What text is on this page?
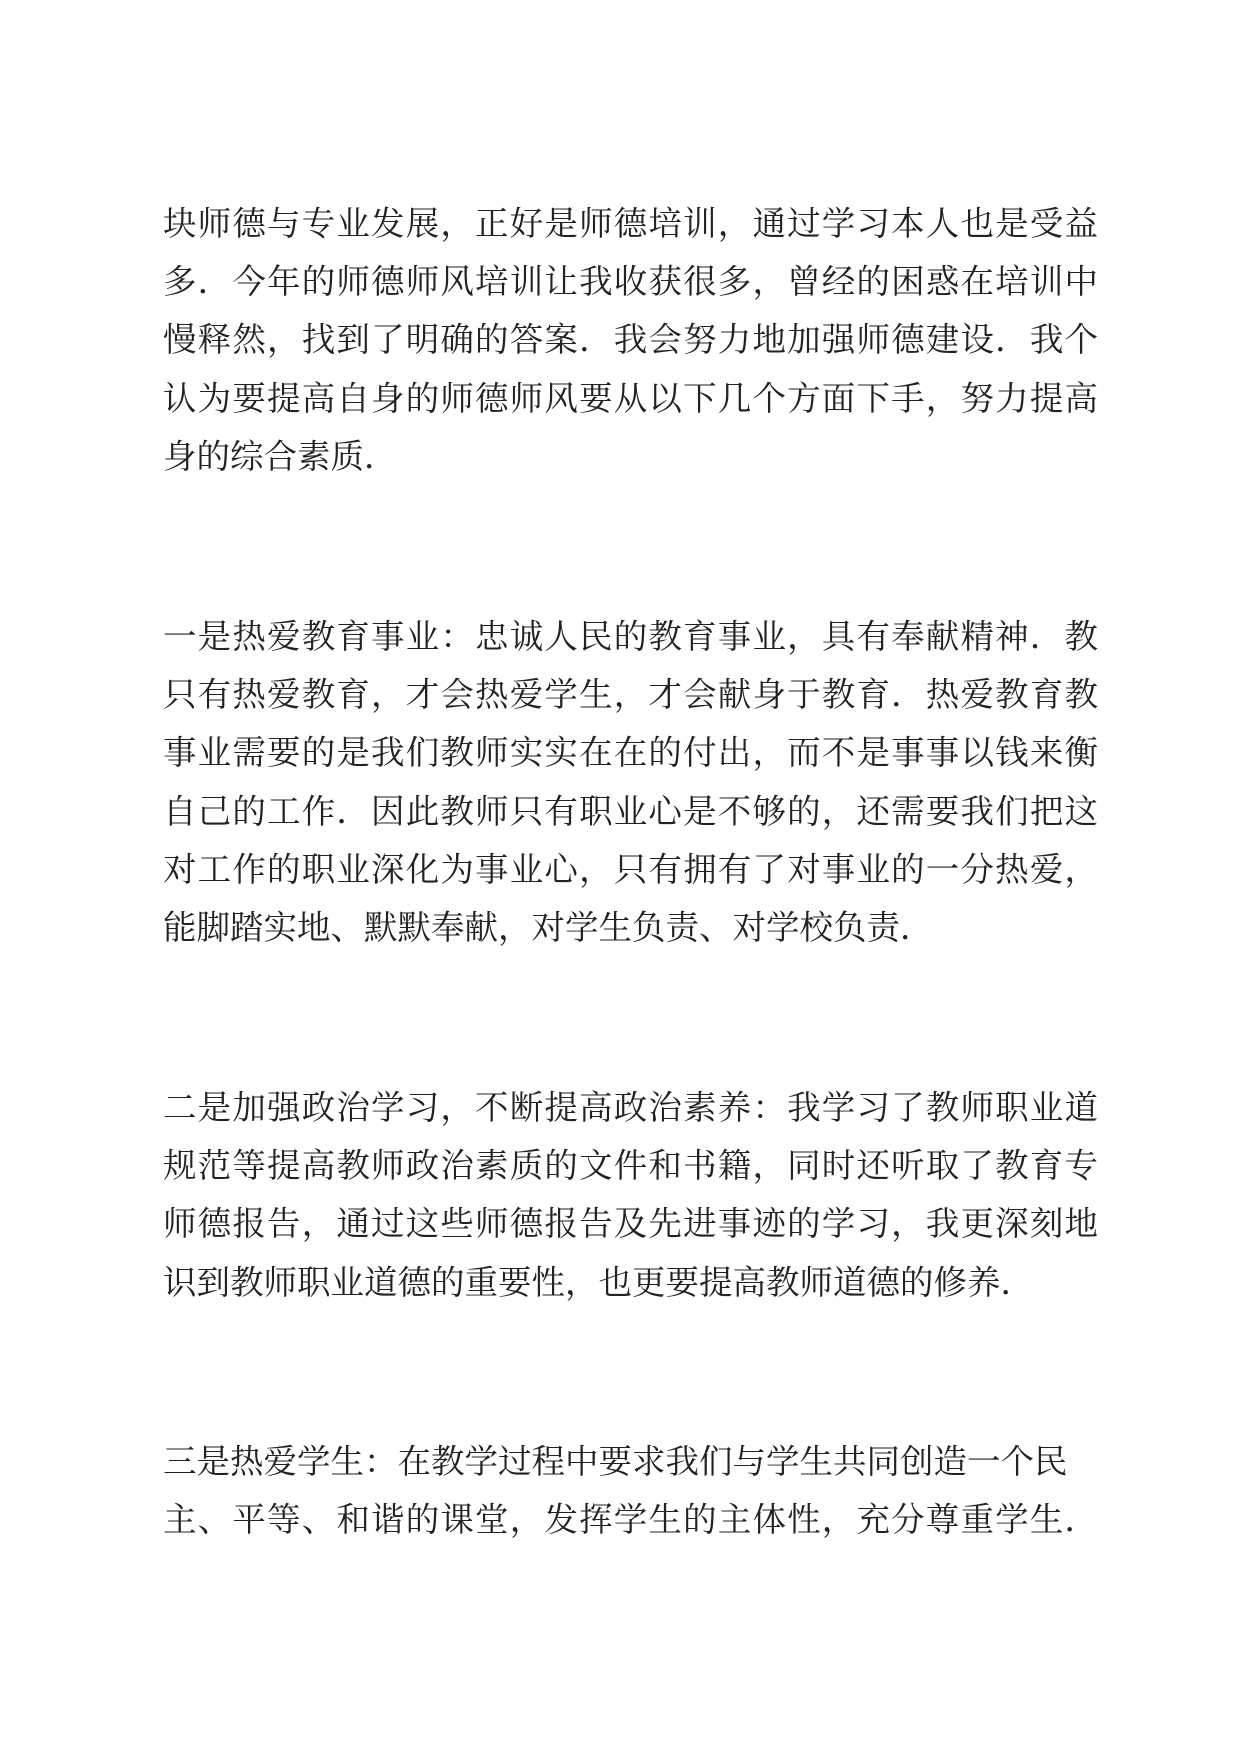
块师德与专业发展，正好是师德培训，通过学习本人也是受益
多．今年的师德师风培训让我收获很多，曾经的困惑在培训中
慢释然，找到了明确的答案．我会努力地加强师德建设．我个
认为要提高自身的师德师风要从以下几个方面下手，努力提高
身的综合素质．
一是热爱教育事业：忠诚人民的教育事业，具有奉献精神．教
只有热爱教育，才会热爱学生，才会献身于教育．热爱教育教
事业需要的是我们教师实实在在的付出，而不是事事以钱来衡
自己的工作．因此教师只有职业心是不够的，还需要我们把这
对工作的职业深化为事业心，只有拥有了对事业的一分热爱，
能脚踏实地、默默奉献，对学生负责、对学校负责．
二是加强政治学习，不断提高政治素养：我学习了教师职业道
规范等提高教师政治素质的文件和书籍，同时还听取了教育专
师德报告，通过这些师德报告及先进事迹的学习，我更深刻地
识到教师职业道德的重要性，也更要提高教师道德的修养．
三是热爱学生：在教学过程中要求我们与学生共同创造一个民
主、平等、和谐的课堂，发挥学生的主体性，充分尊重学生．
